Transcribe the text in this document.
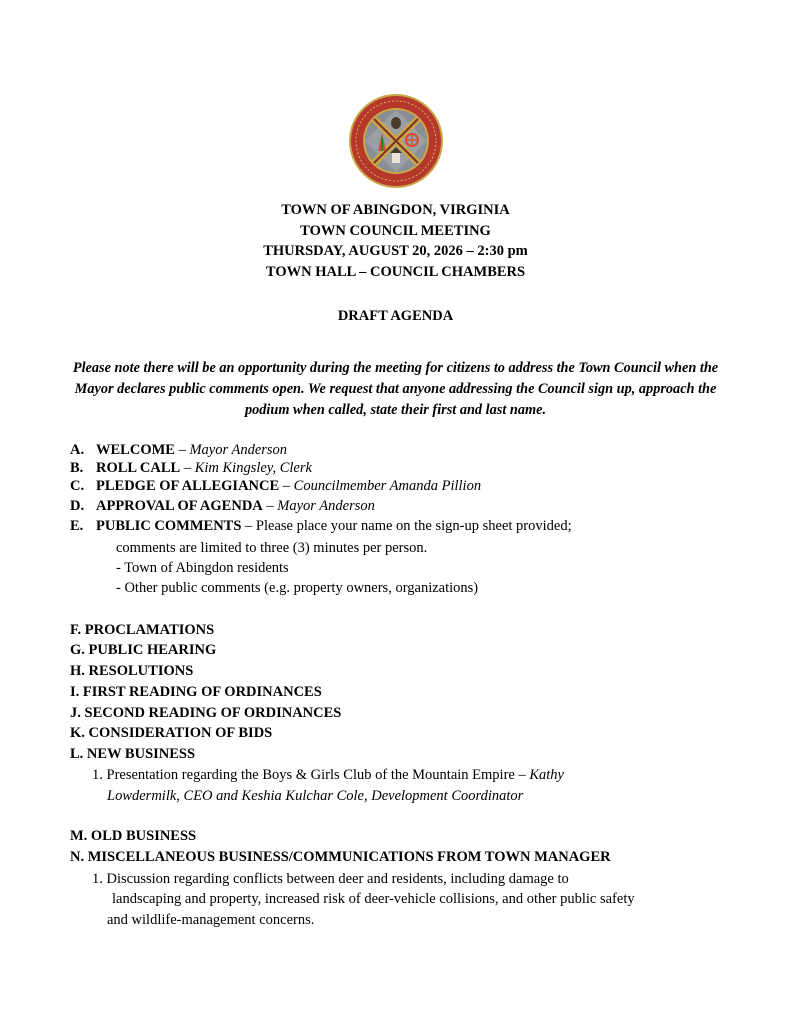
TOWN OF ABINGDON, VIRGINIA
TOWN COUNCIL MEETING
THURSDAY, AUGUST 20, 2026 – 2:30 pm
TOWN HALL – COUNCIL CHAMBERS
DRAFT AGENDA
Please note there will be an opportunity during the meeting for citizens to address the Town Council when the Mayor declares public comments open. We request that anyone addressing the Council sign up, approach the podium when called, state their first and last name.
A. WELCOME – Mayor Anderson
B. ROLL CALL – Kim Kingsley, Clerk
C. PLEDGE OF ALLEGIANCE – Councilmember Amanda Pillion
D. APPROVAL OF AGENDA – Mayor Anderson
E. PUBLIC COMMENTS – Please place your name on the sign-up sheet provided;
comments are limited to three (3) minutes per person.
- Town of Abingdon residents
- Other public comments (e.g. property owners, organizations)
F. PROCLAMATIONS
G. PUBLIC HEARING
H. RESOLUTIONS
I. FIRST READING OF ORDINANCES
J. SECOND READING OF ORDINANCES
K. CONSIDERATION OF BIDS
L. NEW BUSINESS
1. Presentation regarding the Boys & Girls Club of the Mountain Empire – Kathy
Lowdermilk, CEO and Keshia Kulchar Cole, Development Coordinator
M. OLD BUSINESS
N. MISCELLANEOUS BUSINESS/COMMUNICATIONS FROM TOWN MANAGER
1. Discussion regarding conflicts between deer and residents, including damage to
landscaping and property, increased risk of deer-vehicle collisions, and other public safety
and wildlife-management concerns.
